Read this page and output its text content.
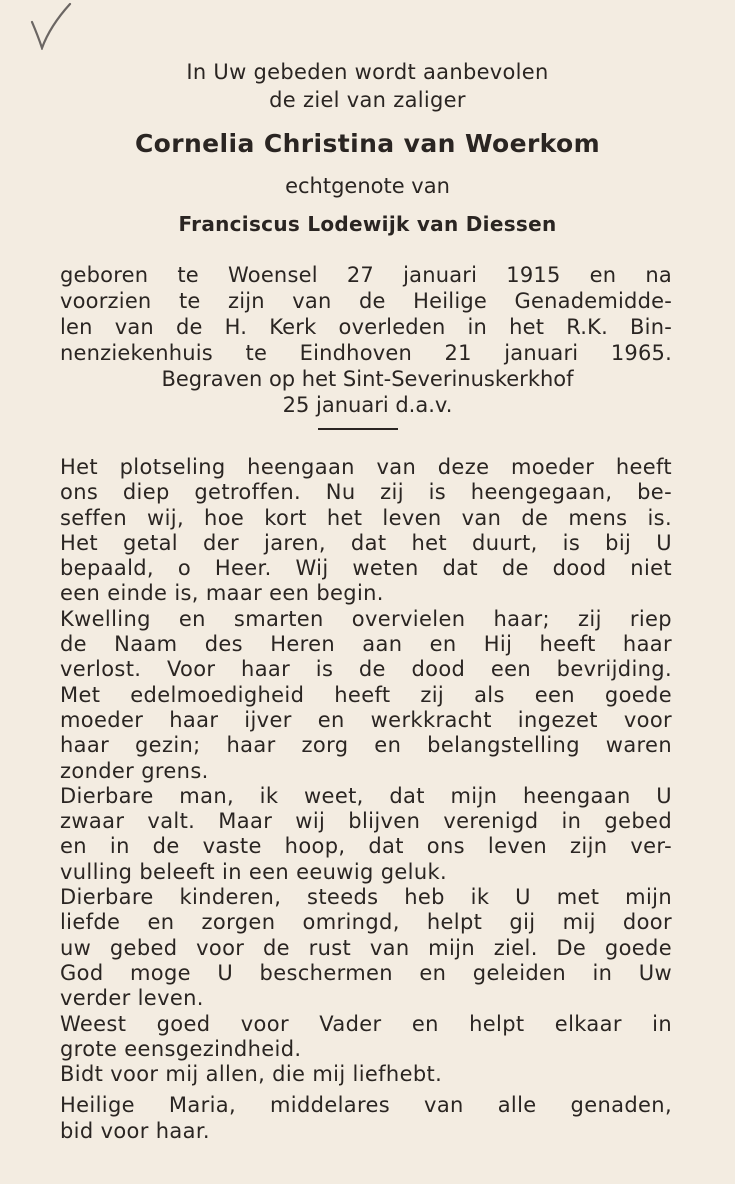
In Uw gebeden wordt aanbevolen

de ziel van zaliger

Cornelia Christina van Woerkom

echtgenote van

Franciscus Lodewijk van Diessen

geboren te Woensel 27 januari 1915 en na
voorzien te zijn van de Heilige Genademidde-
len van de H. Kerk overleden in het R.K. Bin-
nenziekenhuis te Eindhoven 21 januari 1965.

Begraven op het Sint-Severinuskerkhof

25 januari d.a.v.

Het plotseling heengaan van deze moeder heeft
ons diep getroffen. Nu zij is heengegaan, be-
seffen wij, hoe kort het leven van de mens is.
Het getal der jaren, dat het duurt, is bij U
bepaald, o Heer. Wij weten dat de dood niet
een einde is, maar een begin.
Kwelling en smarten overvielen haar; zij riep
de Naam des Heren aan en Hij heeft haar
verlost. Voor haar is de dood een bevrijding.
Met edelmoedigheid heeft zij als een goede
moeder haar ijver en werkkracht ingezet voor
haar gezin; haar zorg en belangstelling waren
zonder grens.
Dierbare man, ik weet, dat mijn heengaan U
zwaar valt. Maar wij blijven verenigd in gebed
en in de vaste hoop, dat ons leven zijn ver-
vulling beleeft in een eeuwig geluk.
Dierbare kinderen, steeds heb ik U met mijn
liefde en zorgen omringd, helpt gij mij door
uw gebed voor de rust van mijn ziel. De goede
God moge U beschermen en geleiden in Uw
verder leven.
Weest goed voor Vader en helpt elkaar in
grote eensgezindheid.
Bidt voor mij allen, die mij liefhebt.
Heilige Maria, middelares van alle genaden,
bid voor haar.
